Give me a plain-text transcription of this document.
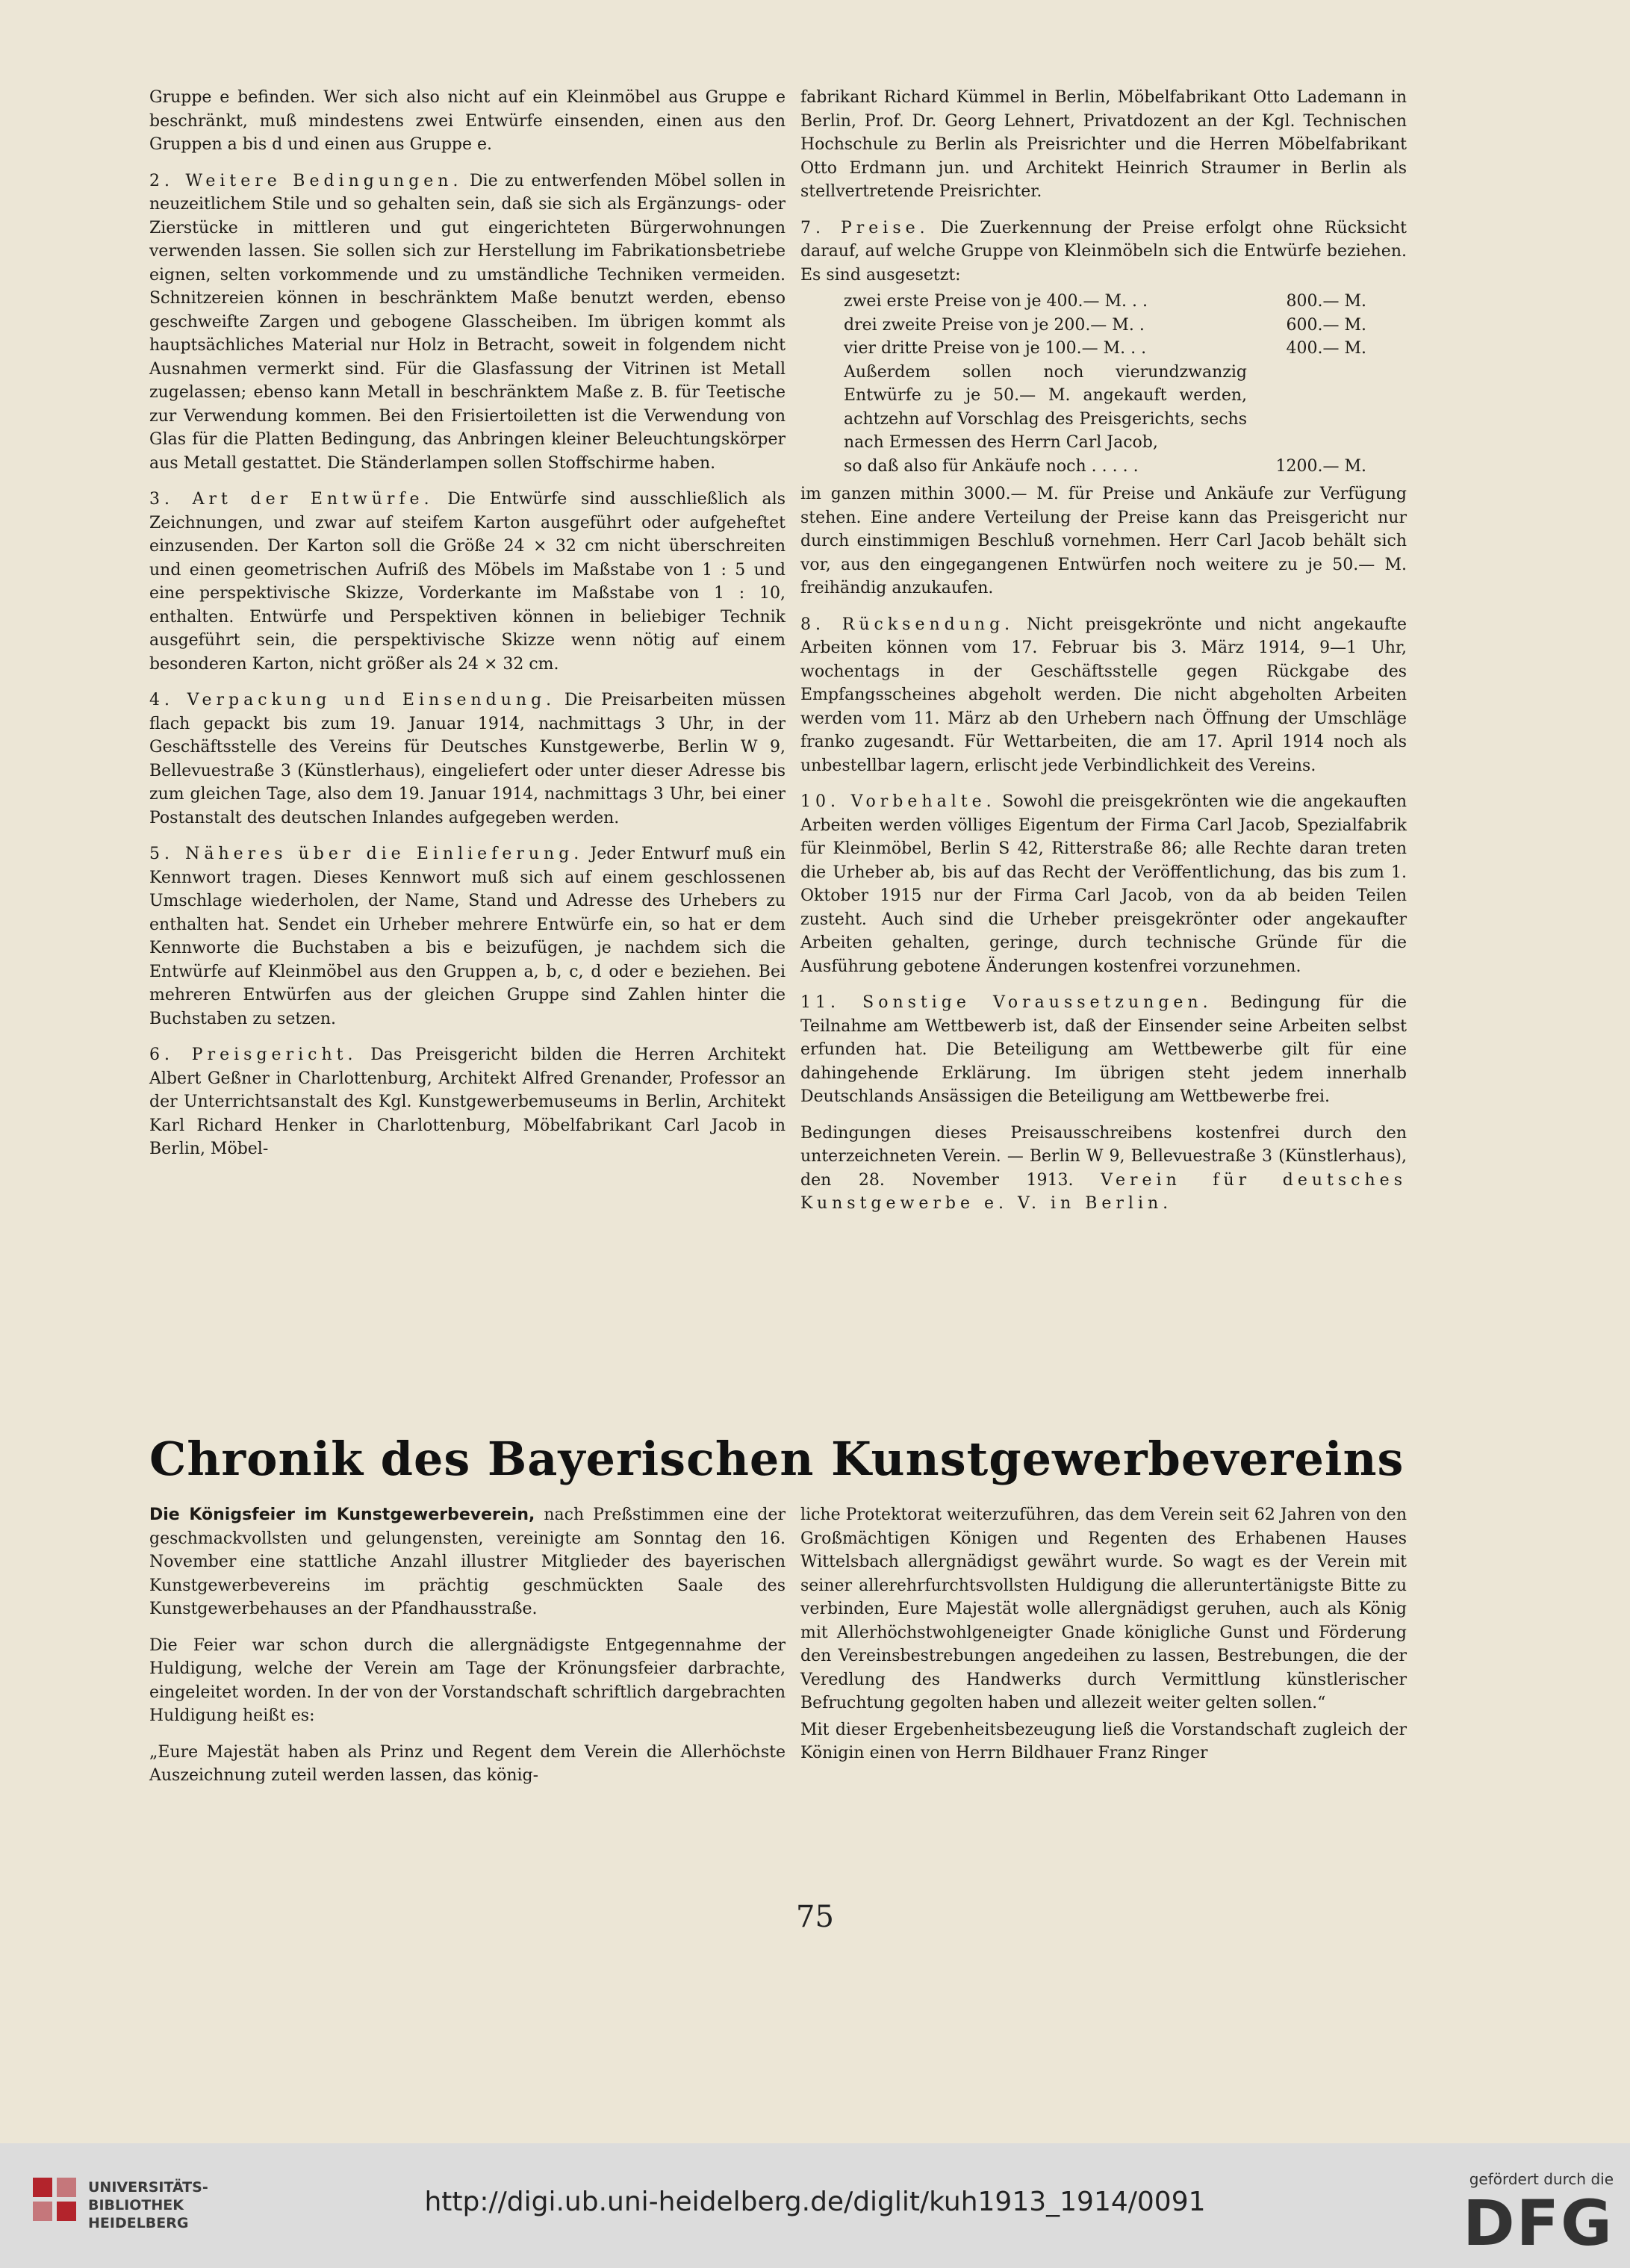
Gruppe e befinden. Wer sich also nicht auf ein Kleinmöbel aus Gruppe e beschränkt, muß mindestens zwei Entwürfe einsenden, einen aus den Gruppen a bis d und einen aus Gruppe e.

2. Weitere Bedingungen. Die zu entwerfenden Möbel sollen in neuzeitlichem Stile und so gehalten sein, daß sie sich als Ergänzungs- oder Zierstücke in mittleren und gut eingerichteten Bürgerwohnungen verwenden lassen. Sie sollen sich zur Herstellung im Fabrikationsbetriebe eignen, selten vorkommende und zu umständliche Techniken vermeiden. Schnitzereien können in beschränktem Maße benutzt werden, ebenso geschweifte Zargen und gebogene Glasscheiben. Im übrigen kommt als hauptsächliches Material nur Holz in Betracht, soweit in folgendem nicht Ausnahmen vermerkt sind. Für die Glasfassung der Vitrinen ist Metall zugelassen; ebenso kann Metall in beschränktem Maße z. B. für Teetische zur Verwendung kommen. Bei den Frisiertoiletten ist die Verwendung von Glas für die Platten Bedingung, das Anbringen kleiner Beleuchtungskörper aus Metall gestattet. Die Ständerlampen sollen Stoffschirme haben.

3. Art der Entwürfe. Die Entwürfe sind ausschließlich als Zeichnungen, und zwar auf steifem Karton ausgeführt oder aufgeheftet einzusenden. Der Karton soll die Größe 24 × 32 cm nicht überschreiten und einen geometrischen Aufriß des Möbels im Maßstabe von 1 : 5 und eine perspektivische Skizze, Vorderkante im Maßstabe von 1 : 10, enthalten. Entwürfe und Perspektiven können in beliebiger Technik ausgeführt sein, die perspektivische Skizze wenn nötig auf einem besonderen Karton, nicht größer als 24 × 32 cm.

4. Verpackung und Einsendung. Die Preisarbeiten müssen flach gepackt bis zum 19. Januar 1914, nachmittags 3 Uhr, in der Geschäftsstelle des Vereins für Deutsches Kunstgewerbe, Berlin W 9, Bellevuestraße 3 (Künstlerhaus), eingeliefert oder unter dieser Adresse bis zum gleichen Tage, also dem 19. Januar 1914, nachmittags 3 Uhr, bei einer Postanstalt des deutschen Inlandes aufgegeben werden.

5. Näheres über die Einlieferung. Jeder Entwurf muß ein Kennwort tragen. Dieses Kennwort muß sich auf einem geschlossenen Umschlage wiederholen, der Name, Stand und Adresse des Urhebers zu enthalten hat. Sendet ein Urheber mehrere Entwürfe ein, so hat er dem Kennworte die Buchstaben a bis e beizufügen, je nachdem sich die Entwürfe auf Kleinmöbel aus den Gruppen a, b, c, d oder e beziehen. Bei mehreren Entwürfen aus der gleichen Gruppe sind Zahlen hinter die Buchstaben zu setzen.

6. Preisgericht. Das Preisgericht bilden die Herren Architekt Albert Geßner in Charlottenburg, Architekt Alfred Grenander, Professor an der Unterrichtsanstalt des Kgl. Kunstgewerbemuseums in Berlin, Architekt Karl Richard Henker in Charlottenburg, Möbelfabrikant Carl Jacob in Berlin, Möbel-

fabrikant Richard Kümmel in Berlin, Möbelfabrikant Otto Lademann in Berlin, Prof. Dr. Georg Lehnert, Privatdozent an der Kgl. Technischen Hochschule zu Berlin als Preisrichter und die Herren Möbelfabrikant Otto Erdmann jun. und Architekt Heinrich Straumer in Berlin als stellvertretende Preisrichter.

7. Preise. Die Zuerkennung der Preise erfolgt ohne Rücksicht darauf, auf welche Gruppe von Kleinmöbeln sich die Entwürfe beziehen. Es sind ausgesetzt:

zwei erste Preise von je 400.— M. . .	800.— M.
drei zweite Preise von je 200.— M. .	600.— M.
vier dritte Preise von je 100.— M. . .	400.— M.
Außerdem sollen noch vierundzwanzig Entwürfe zu je 50.— M. angekauft werden, achtzehn auf Vorschlag des Preisgerichts, sechs nach Ermessen des Herrn Carl Jacob,
so daß also für Ankäufe noch . . . . .	1200.— M.

im ganzen mithin 3000.— M. für Preise und Ankäufe zur Verfügung stehen. Eine andere Verteilung der Preise kann das Preisgericht nur durch einstimmigen Beschluß vornehmen. Herr Carl Jacob behält sich vor, aus den eingegangenen Entwürfen noch weitere zu je 50.— M. freihändig anzukaufen.

8. Rücksendung. Nicht preisgekrönte und nicht angekaufte Arbeiten können vom 17. Februar bis 3. März 1914, 9—1 Uhr, wochentags in der Geschäftsstelle gegen Rückgabe des Empfangsscheines abgeholt werden. Die nicht abgeholten Arbeiten werden vom 11. März ab den Urhebern nach Öffnung der Umschläge franko zugesandt. Für Wettarbeiten, die am 17. April 1914 noch als unbestellbar lagern, erlischt jede Verbindlichkeit des Vereins.

10. Vorbehalte. Sowohl die preisgekrönten wie die angekauften Arbeiten werden völliges Eigentum der Firma Carl Jacob, Spezialfabrik für Kleinmöbel, Berlin S 42, Ritterstraße 86; alle Rechte daran treten die Urheber ab, bis auf das Recht der Veröffentlichung, das bis zum 1. Oktober 1915 nur der Firma Carl Jacob, von da ab beiden Teilen zusteht. Auch sind die Urheber preisgekrönter oder angekaufter Arbeiten gehalten, geringe, durch technische Gründe für die Ausführung gebotene Änderungen kostenfrei vorzunehmen.

11. Sonstige Voraussetzungen. Bedingung für die Teilnahme am Wettbewerb ist, daß der Einsender seine Arbeiten selbst erfunden hat. Die Beteiligung am Wettbewerbe gilt für eine dahingehende Erklärung. Im übrigen steht jedem innerhalb Deutschlands Ansässigen die Beteiligung am Wettbewerbe frei.

Bedingungen dieses Preisausschreibens kostenfrei durch den unterzeichneten Verein. — Berlin W 9, Bellevuestraße 3 (Künstlerhaus), den 28. November 1913. Verein für deutsches Kunstgewerbe e. V. in Berlin.

Chronik des Bayerischen Kunstgewerbevereins

Die Königsfeier im Kunstgewerbeverein, nach Preßstimmen eine der geschmackvollsten und gelungensten, vereinigte am Sonntag den 16. November eine stattliche Anzahl illustrer Mitglieder des bayerischen Kunstgewerbevereins im prächtig geschmückten Saale des Kunstgewerbehauses an der Pfandhausstraße.

Die Feier war schon durch die allergnädigste Entgegennahme der Huldigung, welche der Verein am Tage der Krönungsfeier darbrachte, eingeleitet worden. In der von der Vorstandschaft schriftlich dargebrachten Huldigung heißt es:

„Eure Majestät haben als Prinz und Regent dem Verein die Allerhöchste Auszeichnung zuteil werden lassen, das könig-

liche Protektorat weiterzuführen, das dem Verein seit 62 Jahren von den Großmächtigen Königen und Regenten des Erhabenen Hauses Wittelsbach allergnädigst gewährt wurde. So wagt es der Verein mit seiner allerehrfurchtsvollsten Huldigung die alleruntertänigste Bitte zu verbinden, Eure Majestät wolle allergnädigst geruhen, auch als König mit Allerhöchstwohlgeneigter Gnade königliche Gunst und Förderung den Vereinsbestrebungen angedeihen zu lassen, Bestrebungen, die der Veredlung des Handwerks durch Vermittlung künstlerischer Befruchtung gegolten haben und allezeit weiter gelten sollen.“

Mit dieser Ergebenheitsbezeugung ließ die Vorstandschaft zugleich der Königin einen von Herrn Bildhauer Franz Ringer

75
UNIVERSITÄTS-
BIBLIOTHEK
HEIDELBERG
http://digi.ub.uni-heidelberg.de/diglit/kuh1913_1914/0091
gefördert durch die
DFG
